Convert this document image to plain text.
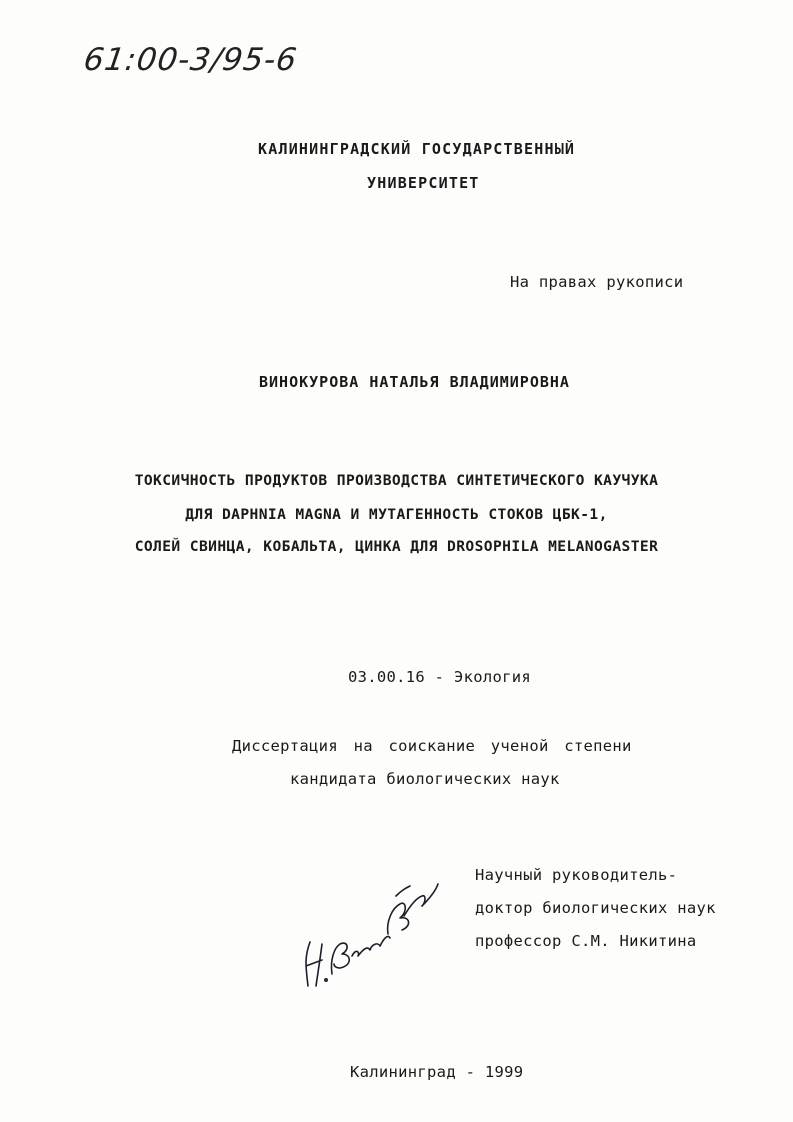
61:00-3/95-6
КАЛИНИНГРАДСКИЙ ГОСУДАРСТВЕННЫЙ
УНИВЕРСИТЕТ
На правах рукописи
ВИНОКУРОВА НАТАЛЬЯ ВЛАДИМИРОВНА
ТОКСИЧНОСТЬ ПРОДУКТОВ ПРОИЗВОДСТВА СИНТЕТИЧЕСКОГО КАУЧУКА
ДЛЯ DAPHNIA MAGNA И МУТАГЕННОСТЬ СТОКОВ ЦБК-1,
СОЛЕЙ СВИНЦА, КОБАЛЬТА, ЦИНКА ДЛЯ DROSOPHILA MELANOGASTER
03.00.16 - Экология
Диссертация на соискание ученой степени
кандидата биологических наук
Научный руководитель-
доктор биологических наук
профессор С.М. Никитина
Калининград - 1999
